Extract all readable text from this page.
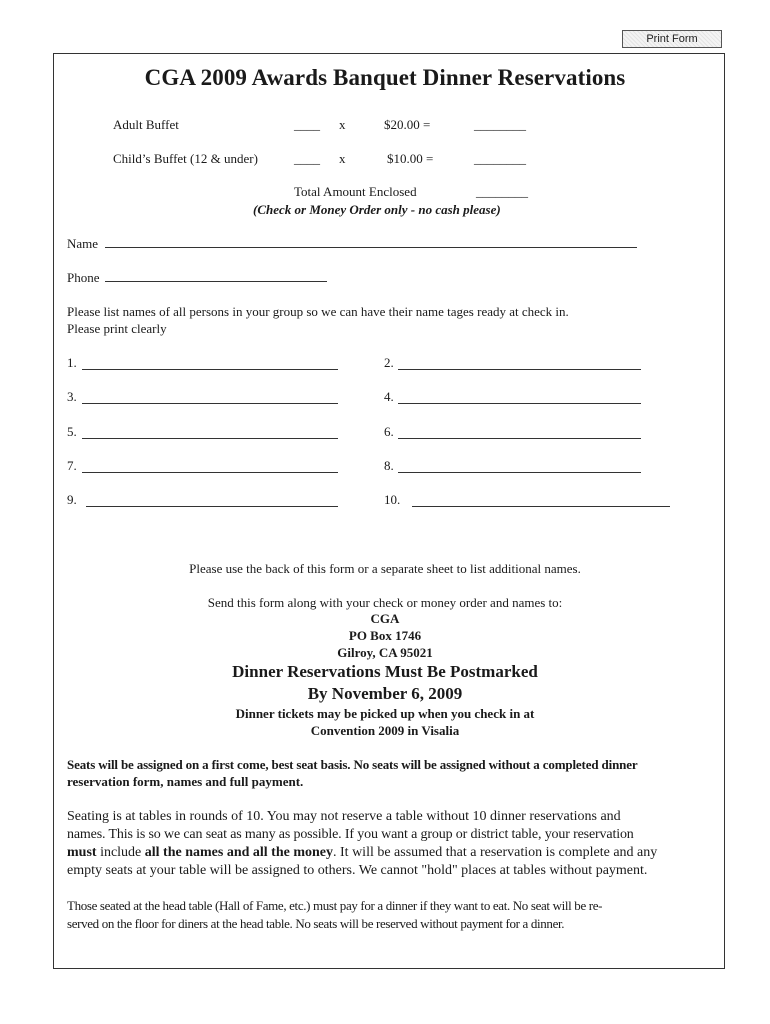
Print Form
CGA 2009 Awards Banquet Dinner Reservations
Adult Buffet	____ x	$20.00 =	________
Child’s Buffet (12 & under)	____ x	$10.00 =	________
Total Amount Enclosed	________
(Check or Money Order only - no cash please)
Name
Phone
Please list names of all persons in your group so we can have their name tages ready at check in.
Please print clearly
1.	2.
3.	4.
5.	6.
7.	8.
9.	10.
Please use the back of this form or a separate sheet to list additional names.
Send this form along with your check or money order and names to:
CGA
PO Box 1746
Gilroy, CA 95021
Dinner Reservations Must Be Postmarked
By November 6, 2009
Dinner tickets may be picked up when you check in at
Convention 2009 in Visalia
Seats will be assigned on a first come, best seat basis. No seats will be assigned without a completed dinner
reservation form, names and full payment.
Seating is at tables in rounds of 10. You may not reserve a table without 10 dinner reservations and
names. This is so we can seat as many as possible. If you want a group or district table, your reservation
must include all the names and all the money. It will be assumed that a reservation is complete and any
empty seats at your table will be assigned to others. We cannot "hold" places at tables without payment.
Those seated at the head table (Hall of Fame, etc.) must pay for a dinner if they want to eat. No seat will be re-
served on the floor for diners at the head table. No seats will be reserved without payment for a dinner.
